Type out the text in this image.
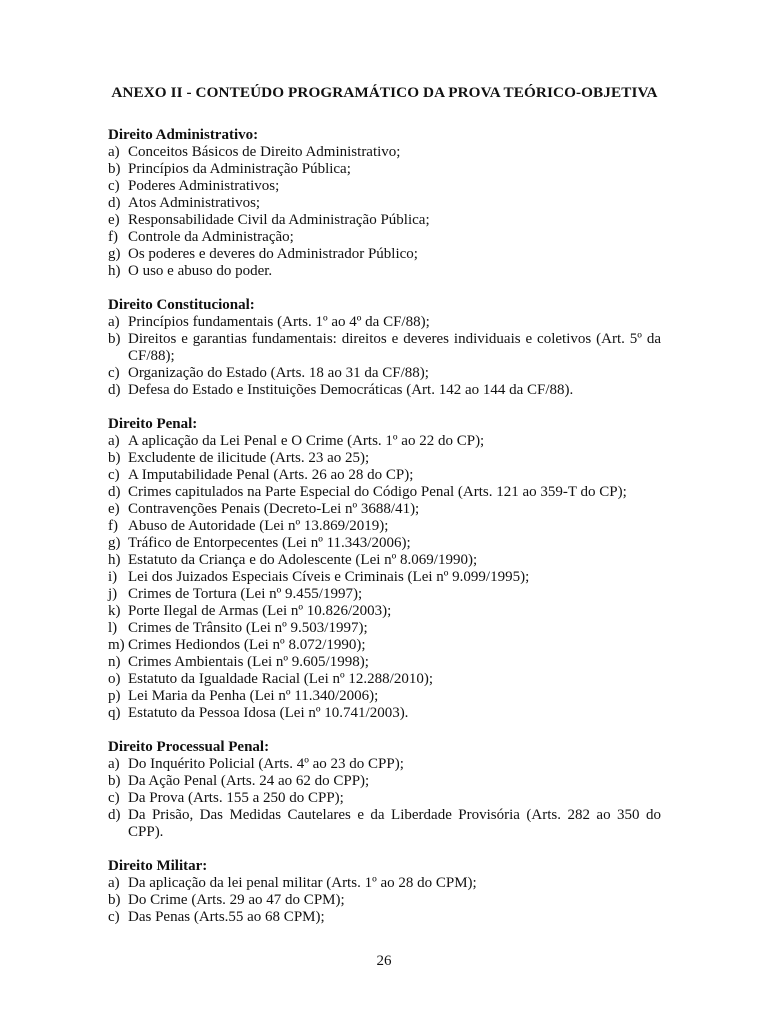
ANEXO II - CONTEÚDO PROGRAMÁTICO DA PROVA TEÓRICO-OBJETIVA
Direito Administrativo:
a) Conceitos Básicos de Direito Administrativo;
b) Princípios da Administração Pública;
c) Poderes Administrativos;
d) Atos Administrativos;
e) Responsabilidade Civil da Administração Pública;
f) Controle da Administração;
g) Os poderes e deveres do Administrador Público;
h) O uso e abuso do poder.
Direito Constitucional:
a) Princípios fundamentais (Arts. 1º ao 4º da CF/88);
b) Direitos e garantias fundamentais: direitos e deveres individuais e coletivos (Art. 5º da CF/88);
c) Organização do Estado (Arts. 18 ao 31 da CF/88);
d) Defesa do Estado e Instituições Democráticas (Art. 142 ao 144 da CF/88).
Direito Penal:
a) A aplicação da Lei Penal e O Crime (Arts. 1º ao 22 do CP);
b) Excludente de ilicitude (Arts. 23 ao 25);
c) A Imputabilidade Penal (Arts. 26 ao 28 do CP);
d) Crimes capitulados na Parte Especial do Código Penal (Arts. 121 ao 359-T do CP);
e) Contravenções Penais (Decreto-Lei nº 3688/41);
f) Abuso de Autoridade (Lei nº 13.869/2019);
g) Tráfico de Entorpecentes (Lei nº 11.343/2006);
h) Estatuto da Criança e do Adolescente (Lei nº 8.069/1990);
i) Lei dos Juizados Especiais Cíveis e Criminais (Lei nº 9.099/1995);
j) Crimes de Tortura (Lei nº 9.455/1997);
k) Porte Ilegal de Armas (Lei nº 10.826/2003);
l) Crimes de Trânsito (Lei nº 9.503/1997);
m) Crimes Hediondos (Lei nº 8.072/1990);
n) Crimes Ambientais (Lei nº 9.605/1998);
o) Estatuto da Igualdade Racial (Lei nº 12.288/2010);
p) Lei Maria da Penha (Lei nº 11.340/2006);
q) Estatuto da Pessoa Idosa (Lei nº 10.741/2003).
Direito Processual Penal:
a) Do Inquérito Policial (Arts. 4º ao 23 do CPP);
b) Da Ação Penal (Arts. 24 ao 62 do CPP);
c) Da Prova (Arts. 155 a 250 do CPP);
d) Da Prisão, Das Medidas Cautelares e da Liberdade Provisória (Arts. 282 ao 350 do CPP).
Direito Militar:
a) Da aplicação da lei penal militar (Arts. 1º ao 28 do CPM);
b) Do Crime (Arts. 29 ao 47 do CPM);
c) Das Penas (Arts.55 ao 68 CPM);
26
